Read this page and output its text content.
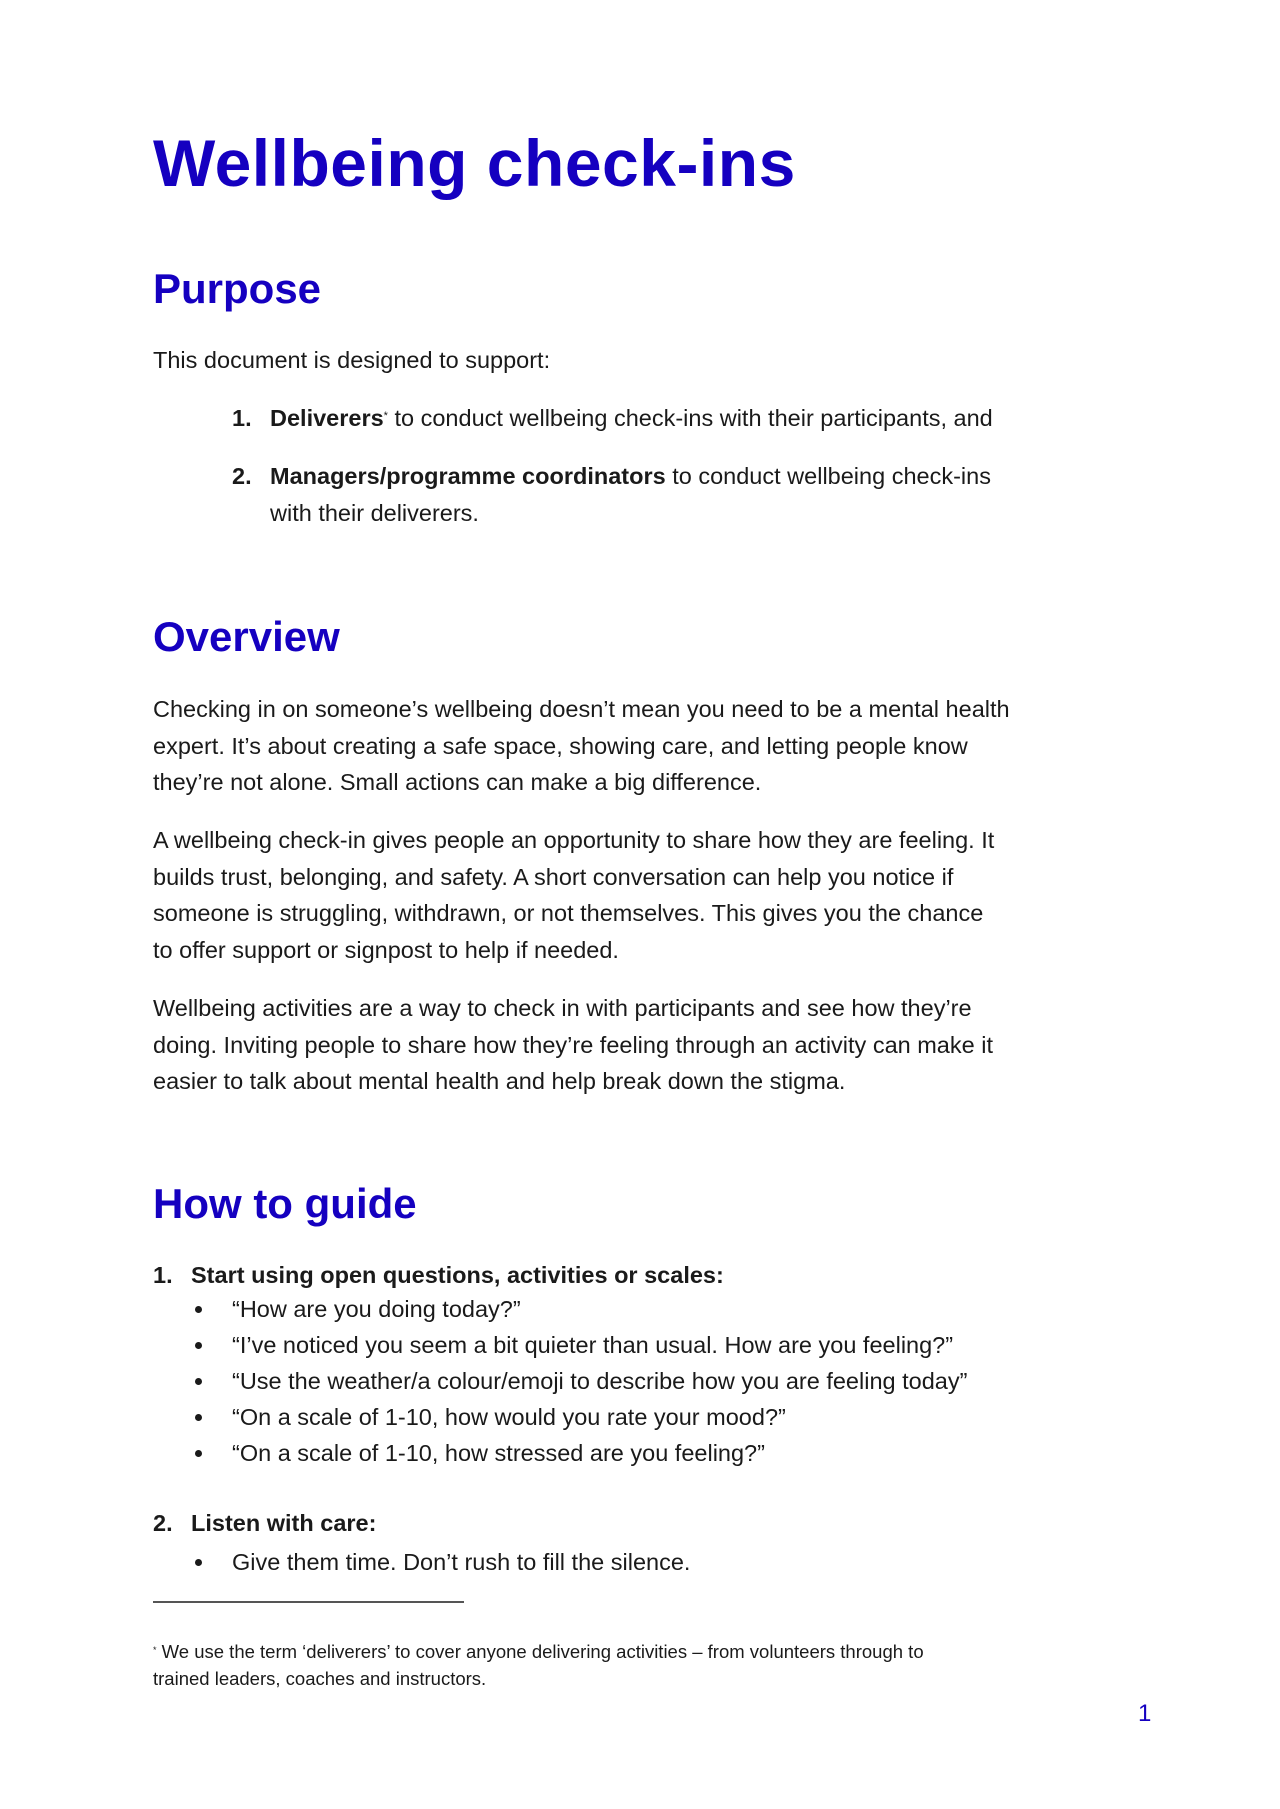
Wellbeing check-ins
Purpose

This document is designed to support:

1. Deliverers* to conduct wellbeing check-ins with their participants, and
2. Managers/programme coordinators to conduct wellbeing check-ins
with their deliverers.
Overview
Checking in on someone’s wellbeing doesn’t mean you need to be a mental health
expert. It’s about creating a safe space, showing care, and letting people know
they’re not alone. Small actions can make a big difference.
A wellbeing check-in gives people an opportunity to share how they are feeling. It
builds trust, belonging, and safety. A short conversation can help you notice if
someone is struggling, withdrawn, or not themselves. This gives you the chance
to offer support or signpost to help if needed.
Wellbeing activities are a way to check in with participants and see how they’re
doing. Inviting people to share how they’re feeling through an activity can make it
easier to talk about mental health and help break down the stigma.
How to guide
1. Start using open questions, activities or scales:
“How are you doing today?”
“I’ve noticed you seem a bit quieter than usual. How are you feeling?”
“Use the weather/a colour/emoji to describe how you are feeling today”
“On a scale of 1-10, how would you rate your mood?”
“On a scale of 1-10, how stressed are you feeling?”
2. Listen with care:
Give them time. Don’t rush to fill the silence.
* We use the term ‘deliverers’ to cover anyone delivering activities – from volunteers through to
trained leaders, coaches and instructors.
1
